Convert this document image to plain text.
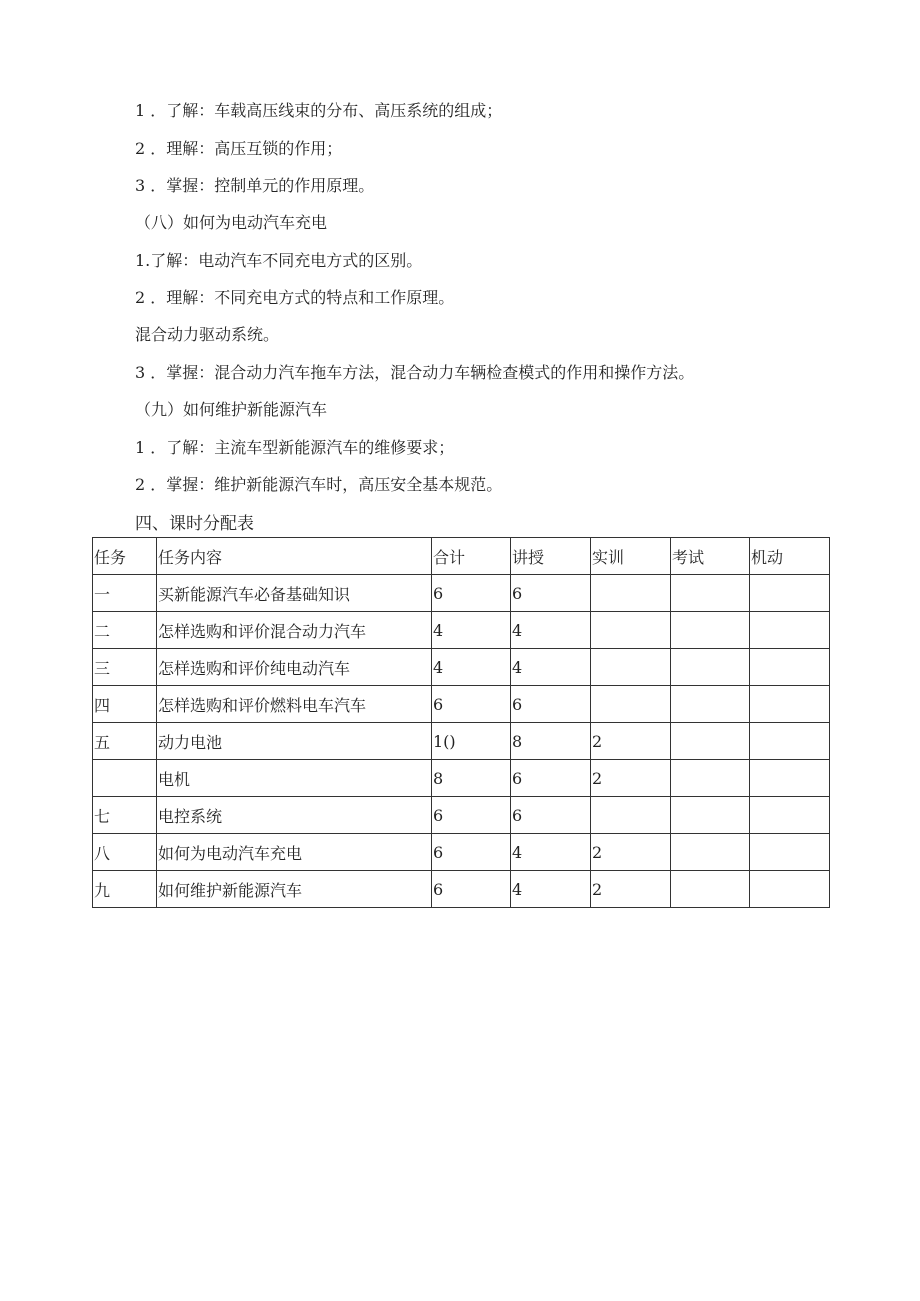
1 ．了解：车载高压线束的分布、高压系统的组成；
2 ．理解：高压互锁的作用；
3 ．掌握：控制单元的作用原理。
（八）如何为电动汽车充电
1.了解：电动汽车不同充电方式的区别。
2 ．理解：不同充电方式的特点和工作原理。
混合动力驱动系统。
3 ．掌握：混合动力汽车拖车方法，混合动力车辆检查模式的作用和操作方法。
（九）如何维护新能源汽车
1 ．了解：主流车型新能源汽车的维修要求；
2 ．掌握：维护新能源汽车时，高压安全基本规范。
四、课时分配表
任务	任务内容	合计	讲授	实训	考试	机动
一	买新能源汽车必备基础知识	6	6			
二	怎样选购和评价混合动力汽车	4	4			
三	怎样选购和评价纯电动汽车	4	4			
四	怎样选购和评价燃料电车汽车	6	6			
五	动力电池	1()	8	2		
	电机	8	6	2		
七	电控系统	6	6			
八	如何为电动汽车充电	6	4	2		
九	如何维护新能源汽车	6	4	2		
